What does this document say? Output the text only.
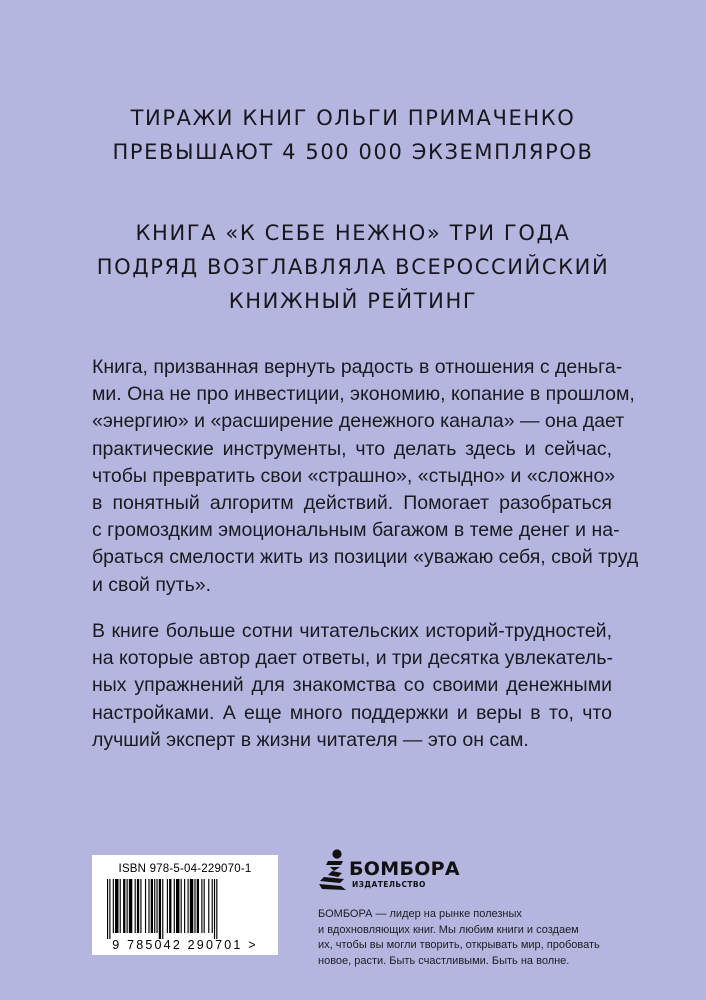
ТИРАЖИ КНИГ ОЛЬГИ ПРИМАЧЕНКО
ПРЕВЫШАЮТ 4 500 000 ЭКЗЕМПЛЯРОВ
КНИГА «К СЕБЕ НЕЖНО» ТРИ ГОДА
ПОДРЯД ВОЗГЛАВЛЯЛА ВСЕРОССИЙСКИЙ
КНИЖНЫЙ РЕЙТИНГ
Книга, призванная вернуть радость в отношения с деньга-
ми. Она не про инвестиции, экономию, копание в прошлом,
«энергию» и «расширение денежного канала» — она дает
практические инструменты, что делать здесь и сейчас,
чтобы превратить свои «страшно», «стыдно» и «сложно»
в понятный алгоритм действий. Помогает разобраться
с громоздким эмоциональным багажом в теме денег и на-
браться смелости жить из позиции «уважаю себя, свой труд
и свой путь».
В книге больше сотни читательских историй-трудностей,
на которые автор дает ответы, и три десятка увлекатель-
ных упражнений для знакомства со своими денежными
настройками. А еще много поддержки и веры в то, что
лучший эксперт в жизни читателя — это он сам.
ISBN 978-5-04-229070-1
9 785042 290701 >
БОМБОРА
ИЗДАТЕЛЬСТВО
БОМБОРА — лидер на рынке полезных
и вдохновляющих книг. Мы любим книги и создаем
их, чтобы вы могли творить, открывать мир, пробовать
новое, расти. Быть счастливыми. Быть на волне.
